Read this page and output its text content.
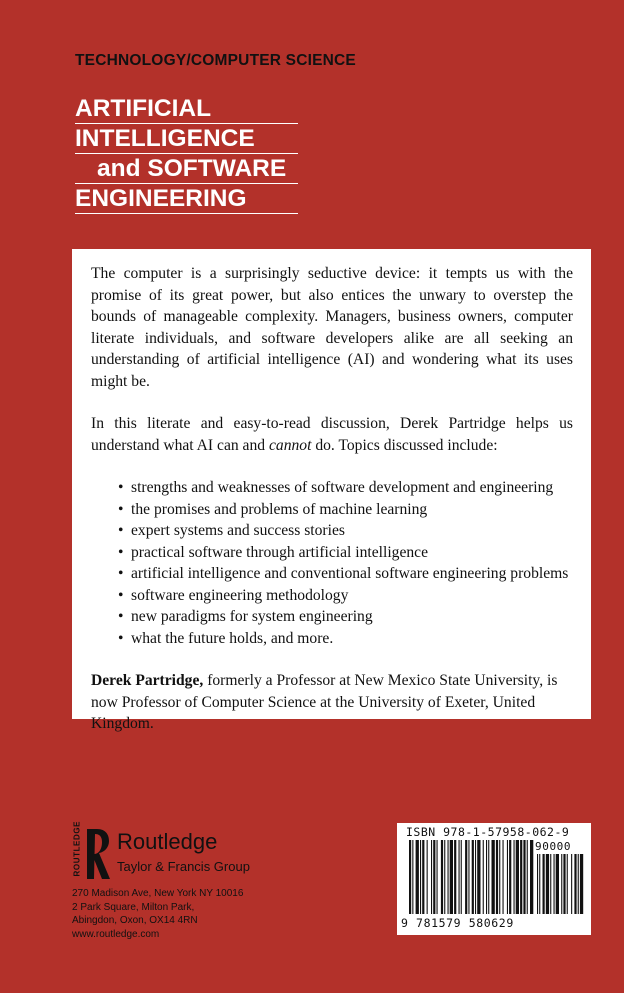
TECHNOLOGY/COMPUTER SCIENCE
ARTIFICIAL
INTELLIGENCE
and SOFTWARE
ENGINEERING

The computer is a surprisingly seductive device: it tempts us with the promise of its great power, but also entices the unwary to overstep the bounds of manageable complexity. Managers, business owners, computer literate individuals, and software developers alike are all seeking an understanding of artificial intelligence (AI) and wondering what its uses might be.

In this literate and easy-to-read discussion, Derek Partridge helps us understand what AI can and cannot do. Topics discussed include:

• strengths and weaknesses of software development and engineering
• the promises and problems of machine learning
• expert systems and success stories
• practical software through artificial intelligence
• artificial intelligence and conventional software engineering problems
• software engineering methodology
• new paradigms for system engineering
• what the future holds, and more.

Derek Partridge, formerly a Professor at New Mexico State University, is now Professor of Computer Science at the University of Exeter, United Kingdom.

ROUTLEDGE Routledge
Taylor & Francis Group
270 Madison Ave, New York NY 10016
2 Park Square, Milton Park,
Abingdon, Oxon, OX14 4RN
www.routledge.com
ISBN 978-1-57958-062-9
90000
9 781579 580629
